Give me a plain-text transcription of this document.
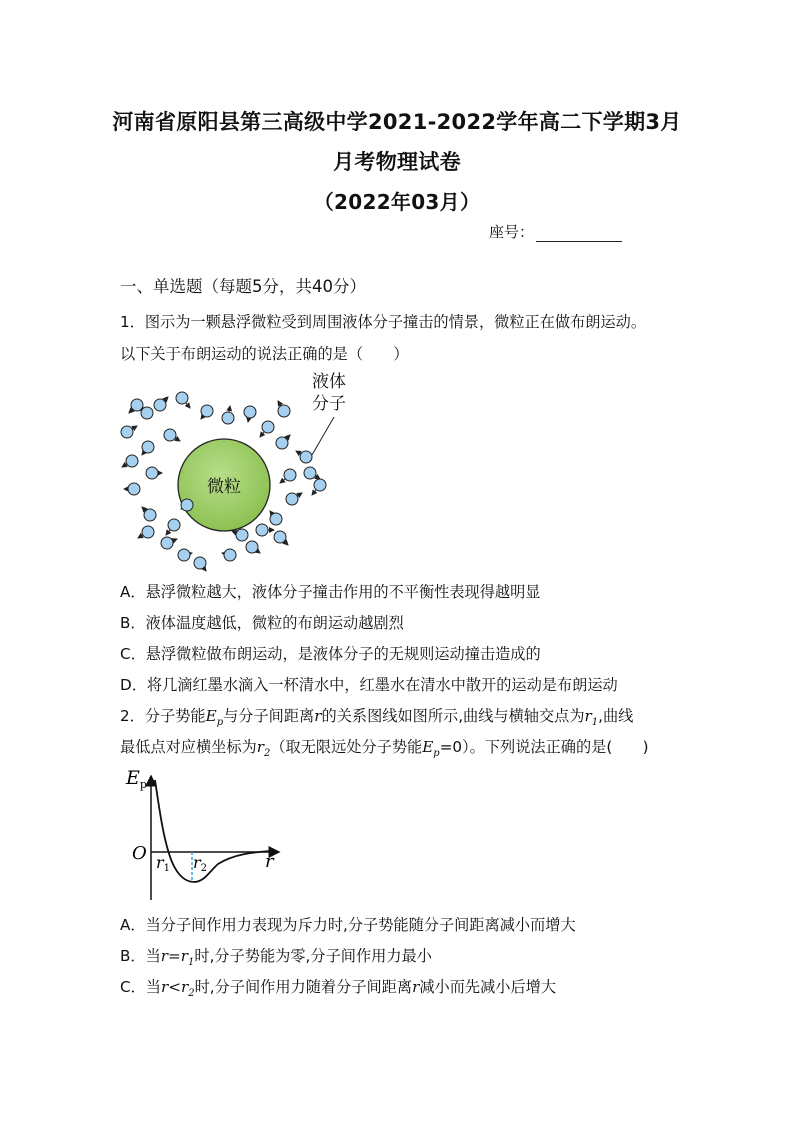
河南省原阳县第三高级中学2021-2022学年高二下学期3月
月考物理试卷
（2022年03月）
座号：
一、单选题（每题5分，共40分）
1．图示为一颗悬浮微粒受到周围液体分子撞击的情景，微粒正在做布朗运动。
以下关于布朗运动的说法正确的是（　　）
微粒
液体
分子
A．悬浮微粒越大，液体分子撞击作用的不平衡性表现得越明显
B．液体温度越低，微粒的布朗运动越剧烈
C．悬浮微粒做布朗运动，是液体分子的无规则运动撞击造成的
D．将几滴红墨水滴入一杯清水中，红墨水在清水中散开的运动是布朗运动
2．分子势能$E_p$与分子间距离r的关系图线如图所示,曲线与横轴交点为$r_1$,曲线
最低点对应横坐标为$r_2$（取无限远处分子势能$E_p=0$）。下列说法正确的是(　　)
$E_p$
O	r
r1 r2
A．当分子间作用力表现为斥力时,分子势能随分子间距离减小而增大
B．当$r=r_1$时,分子势能为零,分子间作用力最小
C．当$r<r_2$时,分子间作用力随着分子间距离r减小而先减小后增大
